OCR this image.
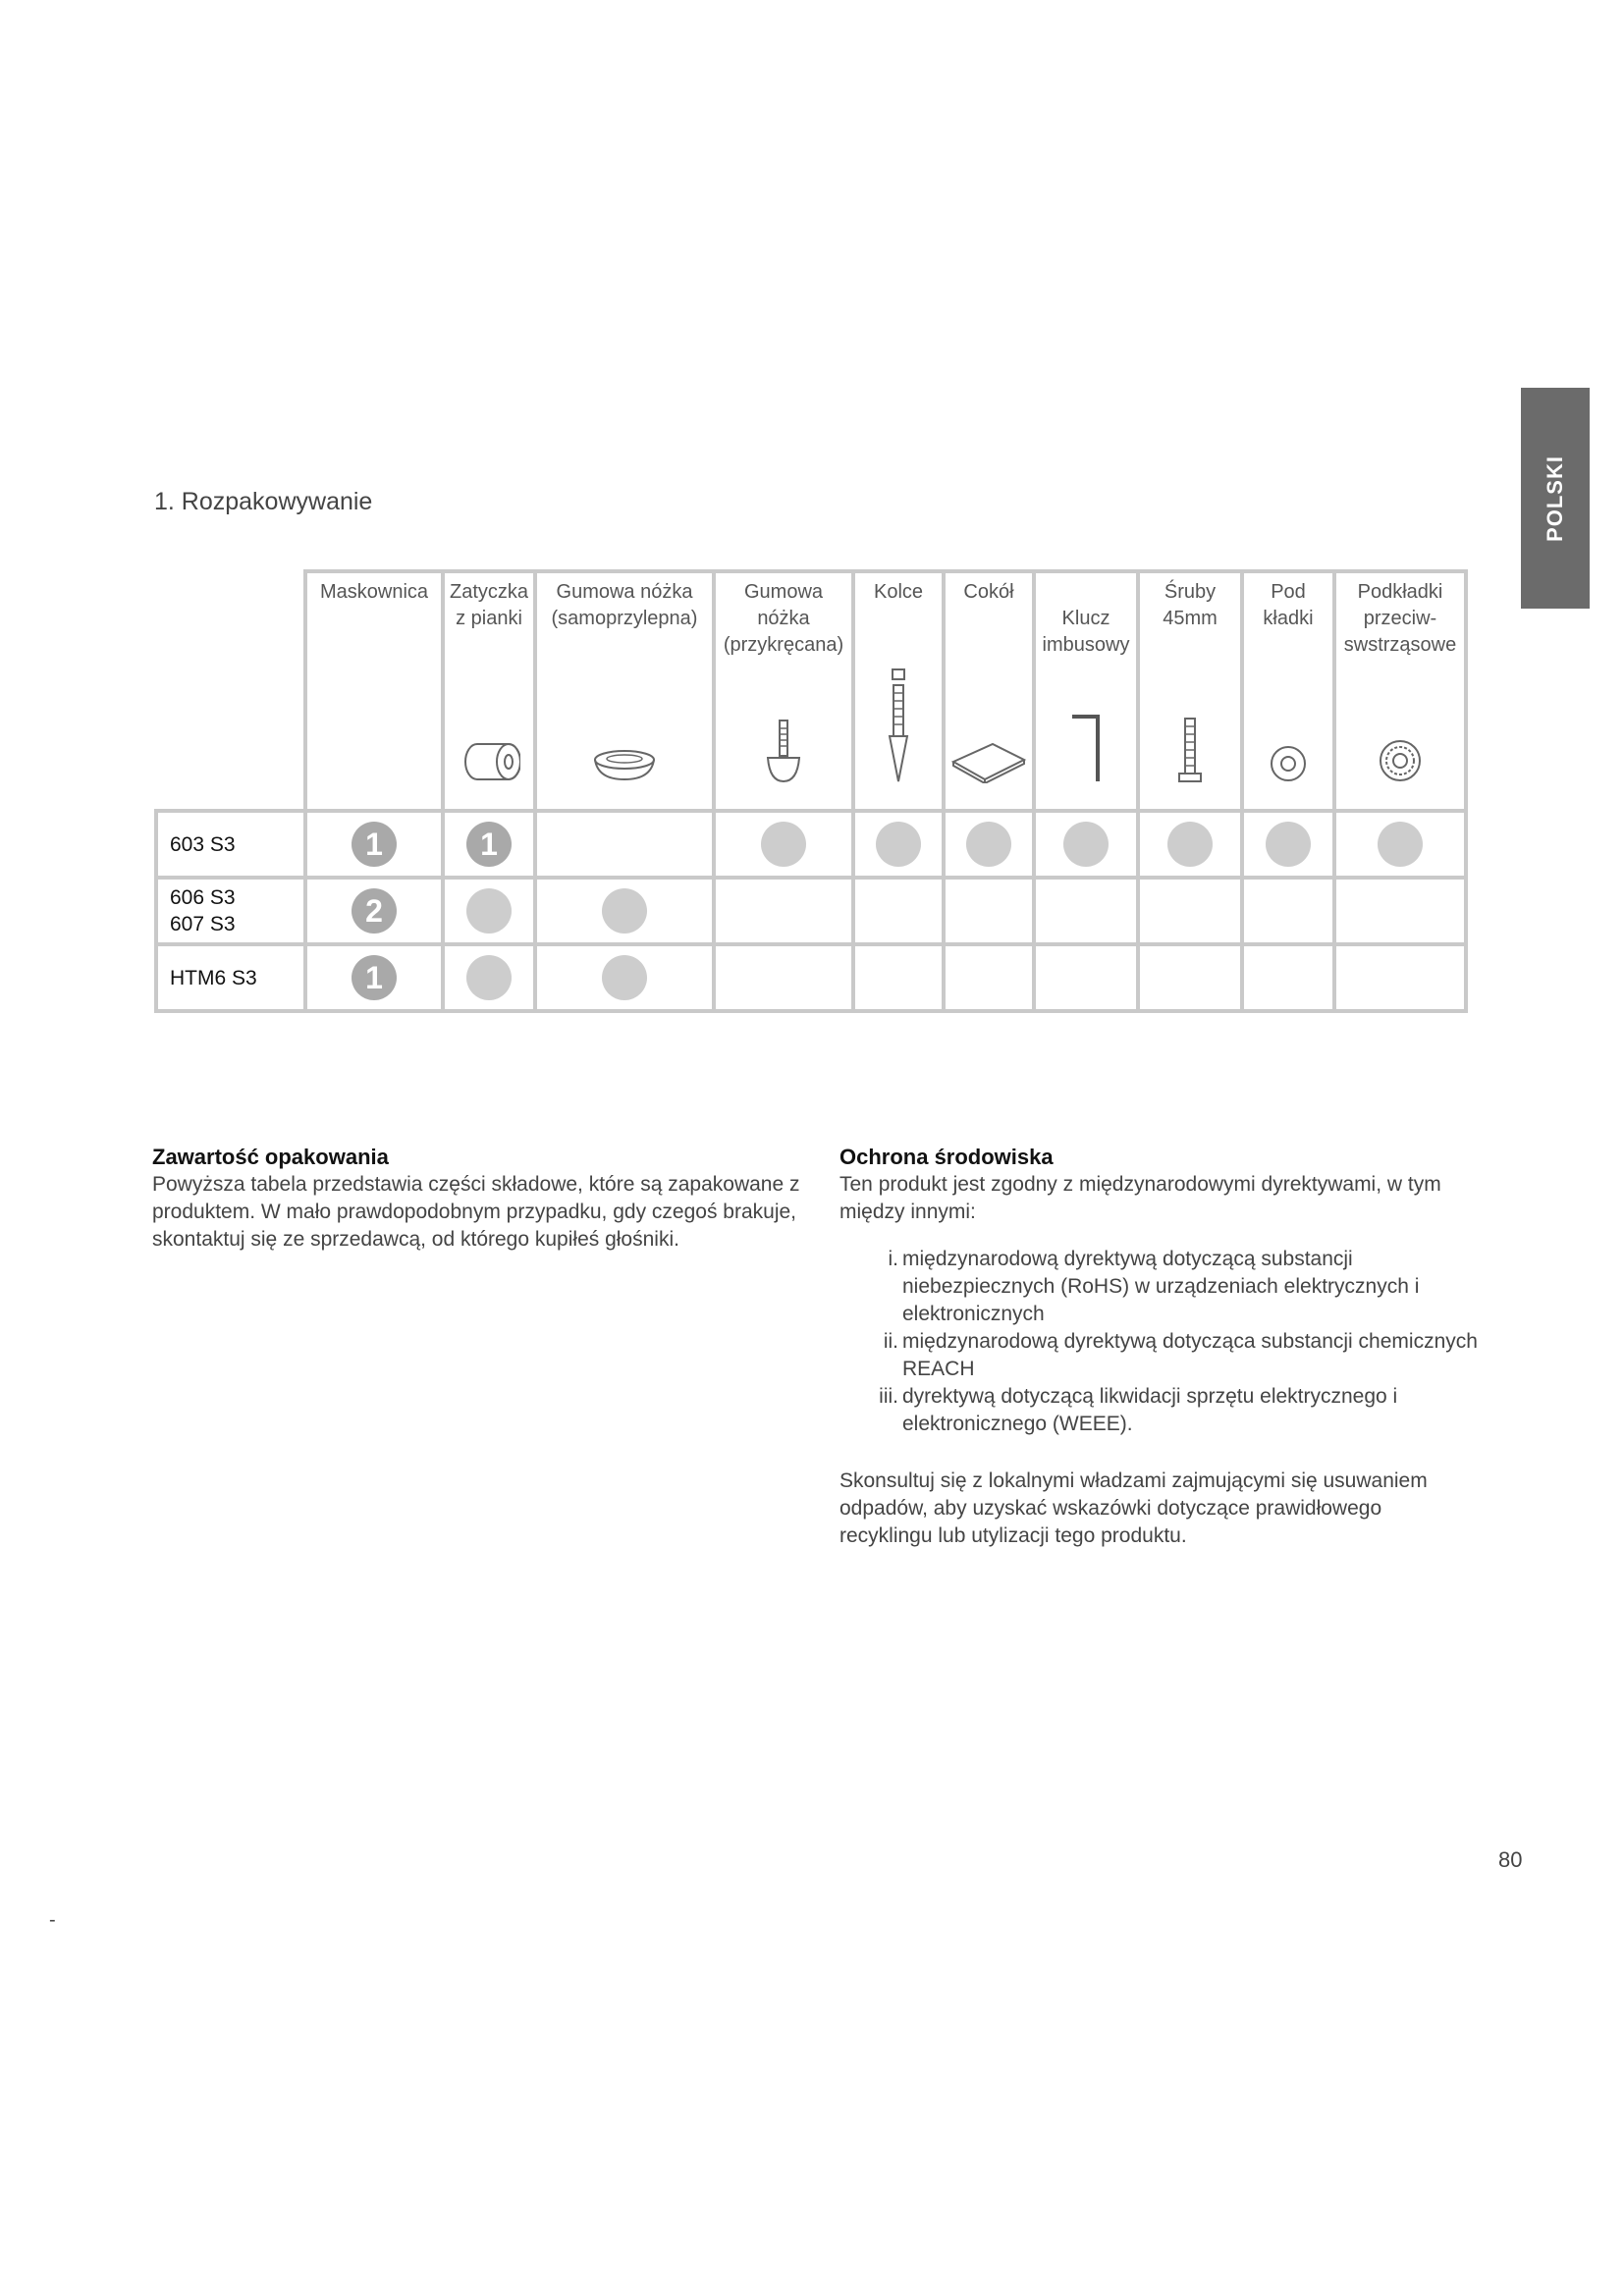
POLSKI
1. Rozpakowywanie

	Maskownica	Zatyczka z pianki	Gumowa nóżka (samoprzylepna)	Gumowa nóżka (przykręcana)	Kolce	Cokół	Klucz imbusowy	Śruby 45mm	Pod kładki	Podkładki przeciw- swstrząsowe

603 S3	1	1								

606 S3
607 S3	2									

HTM6 S3	1									

Zawartość opakowania

Powyższa tabela przedstawia części składowe, które są zapakowane z produktem. W mało prawdopodobnym przypadku, gdy czegoś brakuje, skontaktuj się ze sprzedawcą, od którego kupiłeś głośniki.

Ochrona środowiska

Ten produkt jest zgodny z międzynarodowymi dyrektywami, w tym między innymi:

i. międzynarodową dyrektywą dotyczącą substancji niebezpiecznych (RoHS) w urządzeniach elektrycznych i elektronicznych
ii. międzynarodową dyrektywą dotycząca substancji chemicznych REACH
iii. dyrektywą dotyczącą likwidacji sprzętu elektrycznego i elektronicznego (WEEE).

Skonsultuj się z lokalnymi władzami zajmującymi się usuwaniem odpadów, aby uzyskać wskazówki dotyczące prawidłowego recyklingu lub utylizacji tego produktu.

80
-
